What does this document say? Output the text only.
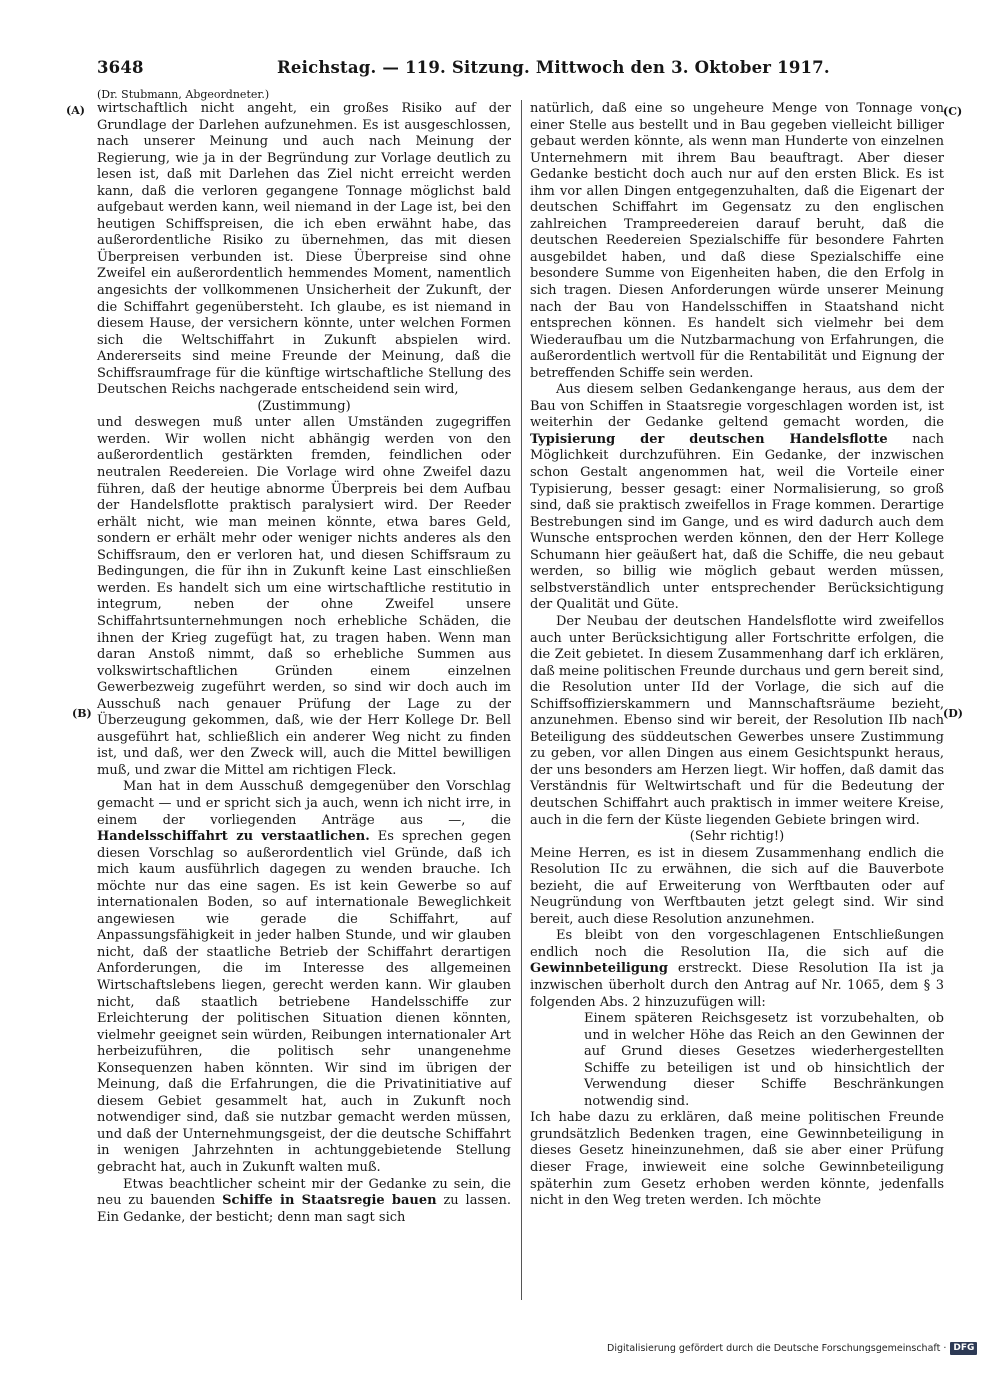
3648	Reichstag. — 119. Sitzung. Mittwoch den 3. Oktober 1917.
(Dr. Stubmann, Abgeordneter.)
(A)
(B)
(C)
(D)

wirtschaftlich nicht angeht, ein großes Risiko auf der Grundlage der Darlehen aufzunehmen. Es ist ausgeschlossen, nach unserer Meinung und auch nach Meinung der Regierung, wie ja in der Begründung zur Vorlage deutlich zu lesen ist, daß mit Darlehen das Ziel nicht erreicht werden kann, daß die verloren gegangene Tonnage möglichst bald aufgebaut werden kann, weil niemand in der Lage ist, bei den heutigen Schiffspreisen, die ich eben erwähnt habe, das außerordentliche Risiko zu übernehmen, das mit diesen Überpreisen verbunden ist. Diese Überpreise sind ohne Zweifel ein außerordentlich hemmendes Moment, namentlich angesichts der vollkommenen Unsicherheit der Zukunft, der die Schiffahrt gegenübersteht. Ich glaube, es ist niemand in diesem Hause, der versichern könnte, unter welchen Formen sich die Weltschiffahrt in Zukunft abspielen wird. Andererseits sind meine Freunde der Meinung, daß die Schiffsraumfrage für die künftige wirtschaftliche Stellung des Deutschen Reichs nachgerade entscheidend sein wird,

(Zustimmung)

und deswegen muß unter allen Umständen zugegriffen werden. Wir wollen nicht abhängig werden von den außerordentlich gestärkten fremden, feindlichen oder neutralen Reedereien. Die Vorlage wird ohne Zweifel dazu führen, daß der heutige abnorme Überpreis bei dem Aufbau der Handelsflotte praktisch paralysiert wird. Der Reeder erhält nicht, wie man meinen könnte, etwa bares Geld, sondern er erhält mehr oder weniger nichts anderes als den Schiffsraum, den er verloren hat, und diesen Schiffsraum zu Bedingungen, die für ihn in Zukunft keine Last einschließen werden. Es handelt sich um eine wirtschaftliche restitutio in integrum, neben der ohne Zweifel unsere Schiffahrtsunternehmungen noch erhebliche Schäden, die ihnen der Krieg zugefügt hat, zu tragen haben. Wenn man daran Anstoß nimmt, daß so erhebliche Summen aus volkswirtschaftlichen Gründen einem einzelnen Gewerbezweig zugeführt werden, so sind wir doch auch im Ausschuß nach genauer Prüfung der Lage zu der Überzeugung gekommen, daß, wie der Herr Kollege Dr. Bell ausgeführt hat, schließlich ein anderer Weg nicht zu finden ist, und daß, wer den Zweck will, auch die Mittel bewilligen muß, und zwar die Mittel am richtigen Fleck.

Man hat in dem Ausschuß demgegenüber den Vorschlag gemacht — und er spricht sich ja auch, wenn ich nicht irre, in einem der vorliegenden Anträge aus —, die Handelsschiffahrt zu verstaatlichen. Es sprechen gegen diesen Vorschlag so außerordentlich viel Gründe, daß ich mich kaum ausführlich dagegen zu wenden brauche. Ich möchte nur das eine sagen. Es ist kein Gewerbe so auf internationalen Boden, so auf internationale Beweglichkeit angewiesen wie gerade die Schiffahrt, auf Anpassungsfähigkeit in jeder halben Stunde, und wir glauben nicht, daß der staatliche Betrieb der Schiffahrt derartigen Anforderungen, die im Interesse des allgemeinen Wirtschaftslebens liegen, gerecht werden kann. Wir glauben nicht, daß staatlich betriebene Handelsschiffe zur Erleichterung der politischen Situation dienen könnten, vielmehr geeignet sein würden, Reibungen internationaler Art herbeizuführen, die politisch sehr unangenehme Konsequenzen haben könnten. Wir sind im übrigen der Meinung, daß die Erfahrungen, die die Privatinitiative auf diesem Gebiet gesammelt hat, auch in Zukunft noch notwendiger sind, daß sie nutzbar gemacht werden müssen, und daß der Unternehmungsgeist, der die deutsche Schiffahrt in wenigen Jahrzehnten in achtunggebietende Stellung gebracht hat, auch in Zukunft walten muß.

Etwas beachtlicher scheint mir der Gedanke zu sein, die neu zu bauenden Schiffe in Staatsregie bauen zu lassen. Ein Gedanke, der besticht; denn man sagt sich

natürlich, daß eine so ungeheure Menge von Tonnage von einer Stelle aus bestellt und in Bau gegeben vielleicht billiger gebaut werden könnte, als wenn man Hunderte von einzelnen Unternehmern mit ihrem Bau beauftragt. Aber dieser Gedanke besticht doch auch nur auf den ersten Blick. Es ist ihm vor allen Dingen entgegenzuhalten, daß die Eigenart der deutschen Schiffahrt im Gegensatz zu den englischen zahlreichen Trampreedereien darauf beruht, daß die deutschen Reedereien Spezialschiffe für besondere Fahrten ausgebildet haben, und daß diese Spezialschiffe eine besondere Summe von Eigenheiten haben, die den Erfolg in sich tragen. Diesen Anforderungen würde unserer Meinung nach der Bau von Handelsschiffen in Staatshand nicht entsprechen können. Es handelt sich vielmehr bei dem Wiederaufbau um die Nutzbarmachung von Erfahrungen, die außerordentlich wertvoll für die Rentabilität und Eignung der betreffenden Schiffe sein werden.

Aus diesem selben Gedankengange heraus, aus dem der Bau von Schiffen in Staatsregie vorgeschlagen worden ist, ist weiterhin der Gedanke geltend gemacht worden, die Typisierung der deutschen Handelsflotte nach Möglichkeit durchzuführen. Ein Gedanke, der inzwischen schon Gestalt angenommen hat, weil die Vorteile einer Typisierung, besser gesagt: einer Normalisierung, so groß sind, daß sie praktisch zweifellos in Frage kommen. Derartige Bestrebungen sind im Gange, und es wird dadurch auch dem Wunsche entsprochen werden können, den der Herr Kollege Schumann hier geäußert hat, daß die Schiffe, die neu gebaut werden, so billig wie möglich gebaut werden müssen, selbstverständlich unter entsprechender Berücksichtigung der Qualität und Güte.

Der Neubau der deutschen Handelsflotte wird zweifellos auch unter Berücksichtigung aller Fortschritte erfolgen, die die Zeit gebietet. In diesem Zusammenhang darf ich erklären, daß meine politischen Freunde durchaus und gern bereit sind, die Resolution unter IId der Vorlage, die sich auf die Schiffsoffizierskammern und Mannschaftsräume bezieht, anzunehmen. Ebenso sind wir bereit, der Resolution IIb nach Beteiligung des süddeutschen Gewerbes unsere Zustimmung zu geben, vor allen Dingen aus einem Gesichtspunkt heraus, der uns besonders am Herzen liegt. Wir hoffen, daß damit das Verständnis für Weltwirtschaft und für die Bedeutung der deutschen Schiffahrt auch praktisch in immer weitere Kreise, auch in die fern der Küste liegenden Gebiete bringen wird.

(Sehr richtig!)

Meine Herren, es ist in diesem Zusammenhang endlich die Resolution IIc zu erwähnen, die sich auf die Bauverbote bezieht, die auf Erweiterung von Werftbauten oder auf Neugründung von Werftbauten jetzt gelegt sind. Wir sind bereit, auch diese Resolution anzunehmen.

Es bleibt von den vorgeschlagenen Entschließungen endlich noch die Resolution IIa, die sich auf die Gewinnbeteiligung erstreckt. Diese Resolution IIa ist ja inzwischen überholt durch den Antrag auf Nr. 1065, dem § 3 folgenden Abs. 2 hinzuzufügen will:

Einem späteren Reichsgesetz ist vorzubehalten, ob und in welcher Höhe das Reich an den Gewinnen der auf Grund dieses Gesetzes wiederhergestellten Schiffe zu beteiligen ist und ob hinsichtlich der Verwendung dieser Schiffe Beschränkungen notwendig sind.

Ich habe dazu zu erklären, daß meine politischen Freunde grundsätzlich Bedenken tragen, eine Gewinnbeteiligung in dieses Gesetz hineinzunehmen, daß sie aber einer Prüfung dieser Frage, inwieweit eine solche Gewinnbeteiligung späterhin zum Gesetz erhoben werden könnte, jedenfalls nicht in den Weg treten werden. Ich möchte

Digitalisierung gefördert durch die Deutsche Forschungsgemeinschaft · DFG
